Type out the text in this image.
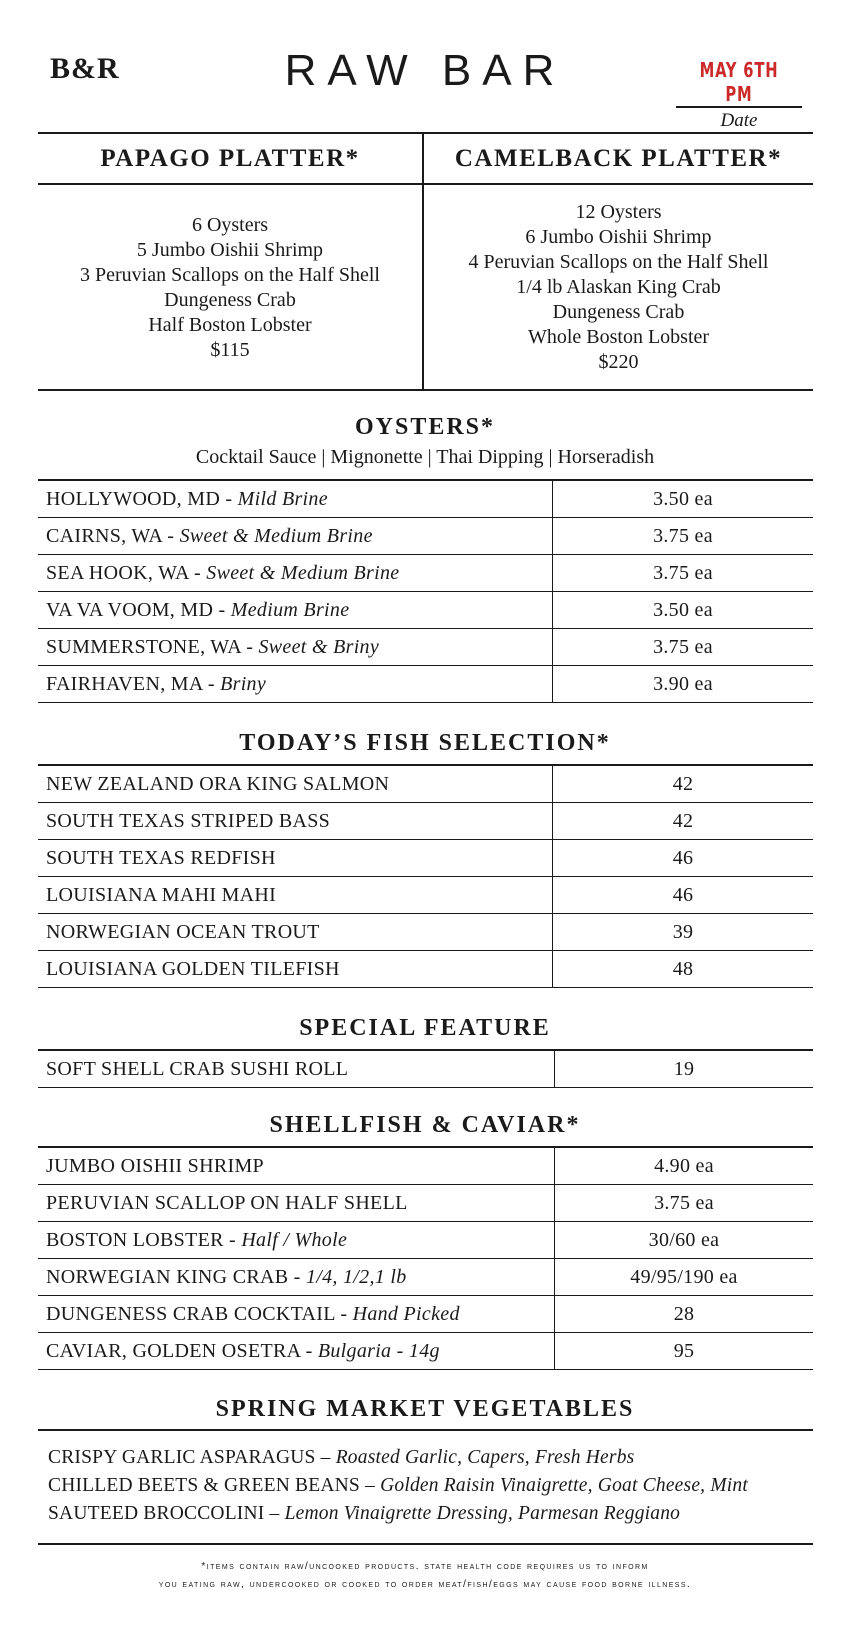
B&R	RAW BAR	MAY 6TH PM
Date
PAPAGO PLATTER*	CAMELBACK PLATTER*
6 Oysters
5 Jumbo Oishii Shrimp
3 Peruvian Scallops on the Half Shell
Dungeness Crab
Half Boston Lobster
$115
12 Oysters
6 Jumbo Oishii Shrimp
4 Peruvian Scallops on the Half Shell
1/4 lb Alaskan King Crab
Dungeness Crab
Whole Boston Lobster
$220
OYSTERS*
Cocktail Sauce | Mignonette | Thai Dipping | Horseradish
HOLLYWOOD, MD - Mild Brine	3.50 ea
CAIRNS, WA - Sweet & Medium Brine	3.75 ea
SEA HOOK, WA - Sweet & Medium Brine	3.75 ea
VA VA VOOM, MD - Medium Brine	3.50 ea
SUMMERSTONE, WA - Sweet & Briny	3.75 ea
FAIRHAVEN, MA - Briny	3.90 ea
TODAY’S FISH SELECTION*
NEW ZEALAND ORA KING SALMON	42
SOUTH TEXAS STRIPED BASS	42
SOUTH TEXAS REDFISH	46
LOUISIANA MAHI MAHI	46
NORWEGIAN OCEAN TROUT	39
LOUISIANA GOLDEN TILEFISH	48
SPECIAL FEATURE
SOFT SHELL CRAB SUSHI ROLL	19
SHELLFISH & CAVIAR*
JUMBO OISHII SHRIMP	4.90 ea
PERUVIAN SCALLOP ON HALF SHELL	3.75 ea
BOSTON LOBSTER - Half / Whole	30/60 ea
NORWEGIAN KING CRAB - 1/4, 1/2,1 lb	49/95/190 ea
DUNGENESS CRAB COCKTAIL - Hand Picked	28
CAVIAR, GOLDEN OSETRA - Bulgaria - 14g	95
SPRING MARKET VEGETABLES
CRISPY GARLIC ASPARAGUS – Roasted Garlic, Capers, Fresh Herbs
CHILLED BEETS & GREEN BEANS – Golden Raisin Vinaigrette, Goat Cheese, Mint
SAUTEED BROCCOLINI – Lemon Vinaigrette Dressing, Parmesan Reggiano
*items contain raw/uncooked products. state health code requires us to inform
you eating raw, undercooked or cooked to order meat/fish/eggs may cause food borne illness.
